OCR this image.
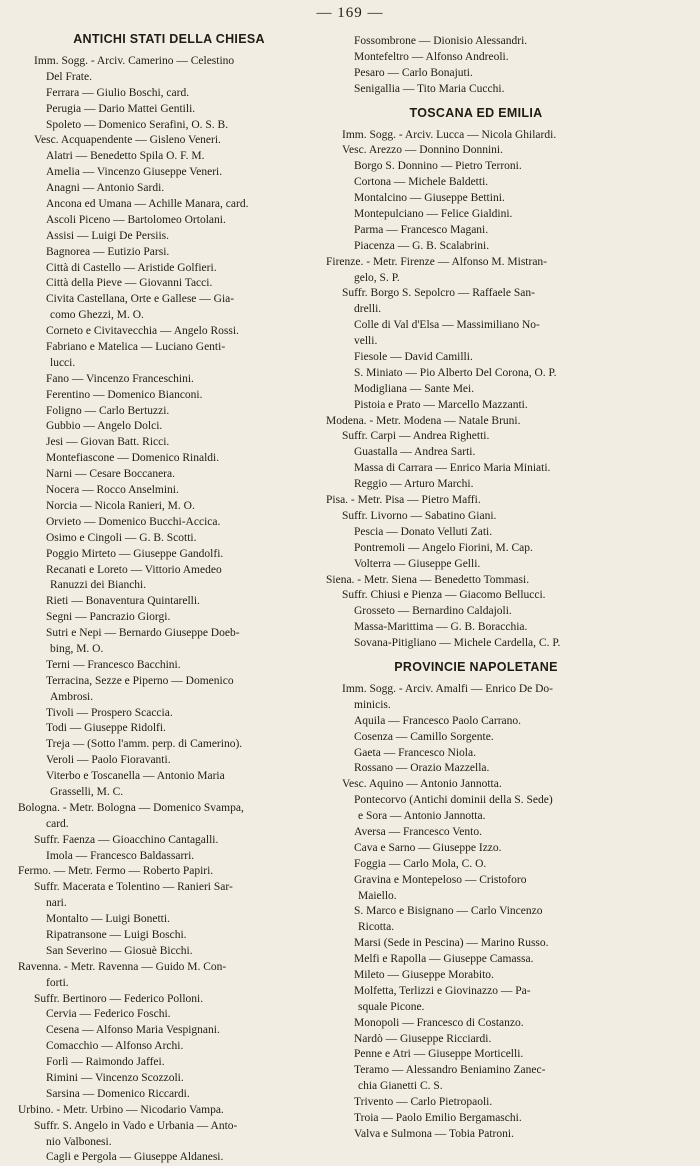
— 169 —
ANTICHI STATI DELLA CHIESA
Imm. Sogg. - Arciv. Camerino — Celestino
Del Frate.
Ferrara — Giulio Boschi, card.
Perugia — Dario Mattei Gentili.
Spoleto — Domenico Serafini, O. S. B.
Vesc. Acquapendente — Gisleno Veneri.
Alatri — Benedetto Spila O. F. M.
Amelia — Vincenzo Giuseppe Veneri.
Anagni — Antonio Sardi.
Ancona ed Umana — Achille Manara, card.
Ascoli Piceno — Bartolomeo Ortolani.
Assisi — Luigi De Persiis.
Bagnorea — Eutizio Parsi.
Città di Castello — Aristide Golfieri.
Città della Pieve — Giovanni Tacci.
Civita Castellana, Orte e Gallese — Gia-
como Ghezzi, M. O.
Corneto e Civitavecchia — Angelo Rossi.
Fabriano e Matelica — Luciano Genti-
lucci.
Fano — Vincenzo Franceschini.
Ferentino — Domenico Bianconi.
Foligno — Carlo Bertuzzi.
Gubbio — Angelo Dolci.
Jesi — Giovan Batt. Ricci.
Montefiascone — Domenico Rinaldi.
Narni — Cesare Boccanera.
Nocera — Rocco Anselmini.
Norcia — Nicola Ranieri, M. O.
Orvieto — Domenico Bucchi-Accica.
Osimo e Cingoli — G. B. Scotti.
Poggio Mirteto — Giuseppe Gandolfi.
Recanati e Loreto — Vittorio Amedeo
Ranuzzi dei Bianchi.
Rieti — Bonaventura Quintarelli.
Segni — Pancrazio Giorgi.
Sutri e Nepi — Bernardo Giuseppe Doeb-
bing, M. O.
Terni — Francesco Bacchini.
Terracina, Sezze e Piperno — Domenico
Ambrosi.
Tivoli — Prospero Scaccia.
Todi — Giuseppe Ridolfi.
Treja — (Sotto l'amm. perp. di Camerino).
Veroli — Paolo Fioravanti.
Viterbo e Toscanella — Antonio Maria
Grasselli, M. C.
Bologna. - Metr. Bologna — Domenico Svampa,
card.
Suffr. Faenza — Gioacchino Cantagalli.
Imola — Francesco Baldassarri.
Fermo. — Metr. Fermo — Roberto Papiri.
Suffr. Macerata e Tolentino — Ranieri Sar-
nari.
Montalto — Luigi Bonetti.
Ripatransone — Luigi Boschi.
San Severino — Giosuè Bicchi.
Ravenna. - Metr. Ravenna — Guido M. Con-
forti.
Suffr. Bertinoro — Federico Polloni.
Cervia — Federico Foschi.
Cesena — Alfonso Maria Vespignani.
Comacchio — Alfonso Archi.
Forlì — Raimondo Jaffei.
Rimini — Vincenzo Scozzoli.
Sarsina — Domenico Riccardi.
Urbino. - Metr. Urbino — Nicodario Vampa.
Suffr. S. Angelo in Vado e Urbania — Anto-
nio Valbonesi.
Cagli e Pergola — Giuseppe Aldanesi.
Fossombrone — Dionisio Alessandri.
Montefeltro — Alfonso Andreoli.
Pesaro — Carlo Bonajuti.
Senigallia — Tito Maria Cucchi.
TOSCANA ED EMILIA
Imm. Sogg. - Arciv. Lucca — Nicola Ghilardi.
Vesc. Arezzo — Donnino Donnini.
Borgo S. Donnino — Pietro Terroni.
Cortona — Michele Baldetti.
Montalcino — Giuseppe Bettini.
Montepulciano — Felice Gialdini.
Parma — Francesco Magani.
Piacenza — G. B. Scalabrini.
Firenze. - Metr. Firenze — Alfonso M. Mistran-
gelo, S. P.
Suffr. Borgo S. Sepolcro — Raffaele San-
drelli.
Colle di Val d'Elsa — Massimiliano No-
velli.
Fiesole — David Camilli.
S. Miniato — Pio Alberto Del Corona, O. P.
Modigliana — Sante Mei.
Pistoia e Prato — Marcello Mazzanti.
Modena. - Metr. Modena — Natale Bruni.
Suffr. Carpi — Andrea Righetti.
Guastalla — Andrea Sarti.
Massa di Carrara — Enrico Maria Miniati.
Reggio — Arturo Marchi.
Pisa. - Metr. Pisa — Pietro Maffi.
Suffr. Livorno — Sabatino Giani.
Pescia — Donato Velluti Zati.
Pontremoli — Angelo Fiorini, M. Cap.
Volterra — Giuseppe Gelli.
Siena. - Metr. Siena — Benedetto Tommasi.
Suffr. Chiusi e Pienza — Giacomo Bellucci.
Grosseto — Bernardino Caldajoli.
Massa-Marittima — G. B. Boracchia.
Sovana-Pitigliano — Michele Cardella, C. P.
PROVINCIE NAPOLETANE
Imm. Sogg. - Arciv. Amalfi — Enrico De Do-
minicis.
Aquila — Francesco Paolo Carrano.
Cosenza — Camillo Sorgente.
Gaeta — Francesco Niola.
Rossano — Orazio Mazzella.
Vesc. Aquino — Antonio Jannotta.
Pontecorvo (Antichi dominii della S. Sede)
e Sora — Antonio Jannotta.
Aversa — Francesco Vento.
Cava e Sarno — Giuseppe Izzo.
Foggia — Carlo Mola, C. O.
Gravina e Montepeloso — Cristoforo
Maiello.
S. Marco e Bisignano — Carlo Vincenzo
Ricotta.
Marsi (Sede in Pescina) — Marino Russo.
Melfi e Rapolla — Giuseppe Camassa.
Mileto — Giuseppe Morabito.
Molfetta, Terlizzi e Giovinazzo — Pa-
squale Picone.
Monopoli — Francesco di Costanzo.
Nardò — Giuseppe Ricciardi.
Penne e Atri — Giuseppe Morticelli.
Teramo — Alessandro Beniamino Zanec-
chia Gianetti C. S.
Trivento — Carlo Pietropaoli.
Troia — Paolo Emilio Bergamaschi.
Valva e Sulmona — Tobia Patroni.
